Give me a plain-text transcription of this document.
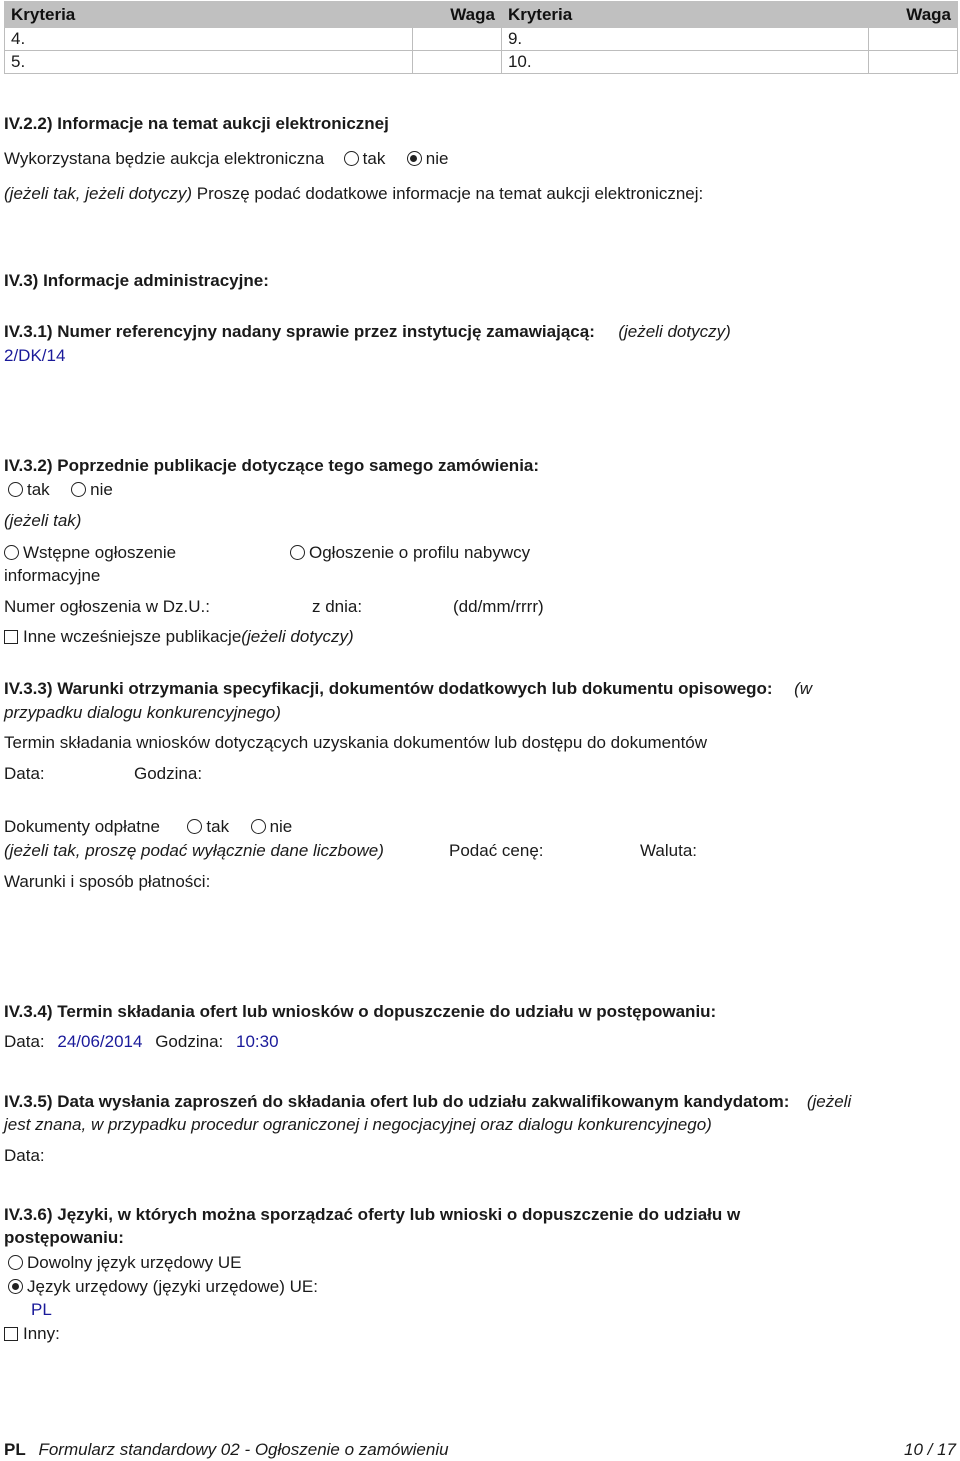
Kryteria	Waga	Kryteria	Waga
4.		9.	
5.		10.	
IV.2.2) Informacje na temat aukcji elektronicznej
Wykorzystana będzie aukcja elektroniczna tak nie
(jeżeli tak, jeżeli dotyczy) Proszę podać dodatkowe informacje na temat aukcji elektronicznej:
IV.3) Informacje administracyjne:
IV.3.1) Numer referencyjny nadany sprawie przez instytucję zamawiającą: (jeżeli dotyczy)
2/DK/14
IV.3.2) Poprzednie publikacje dotyczące tego samego zamówienia:
tak nie
(jeżeli tak)
Wstępne ogłoszenie
informacyjne
Ogłoszenie o profilu nabywcy
Numer ogłoszenia w Dz.U.:	z dnia:	(dd/mm/rrrr)
Inne wcześniejsze publikacje(jeżeli dotyczy)
IV.3.3) Warunki otrzymania specyfikacji, dokumentów dodatkowych lub dokumentu opisowego: (w
przypadku dialogu konkurencyjnego)
Termin składania wniosków dotyczących uzyskania dokumentów lub dostępu do dokumentów
Data:	Godzina:
Dokumenty odpłatne	tak nie
(jeżeli tak, proszę podać wyłącznie dane liczbowe)	Podać cenę:	Waluta:
Warunki i sposób płatności:
IV.3.4) Termin składania ofert lub wniosków o dopuszczenie do udziału w postępowaniu:
Data: 24/06/2014 Godzina: 10:30
IV.3.5) Data wysłania zaproszeń do składania ofert lub do udziału zakwalifikowanym kandydatom: (jeżeli
jest znana, w przypadku procedur ograniczonej i negocjacyjnej oraz dialogu konkurencyjnego)
Data:
IV.3.6) Języki, w których można sporządzać oferty lub wnioski o dopuszczenie do udziału w
postępowaniu:
Dowolny język urzędowy UE
Język urzędowy (języki urzędowe) UE:
PL
Inny:
PL Formularz standardowy 02 - Ogłoszenie o zamówieniu	10 / 17
